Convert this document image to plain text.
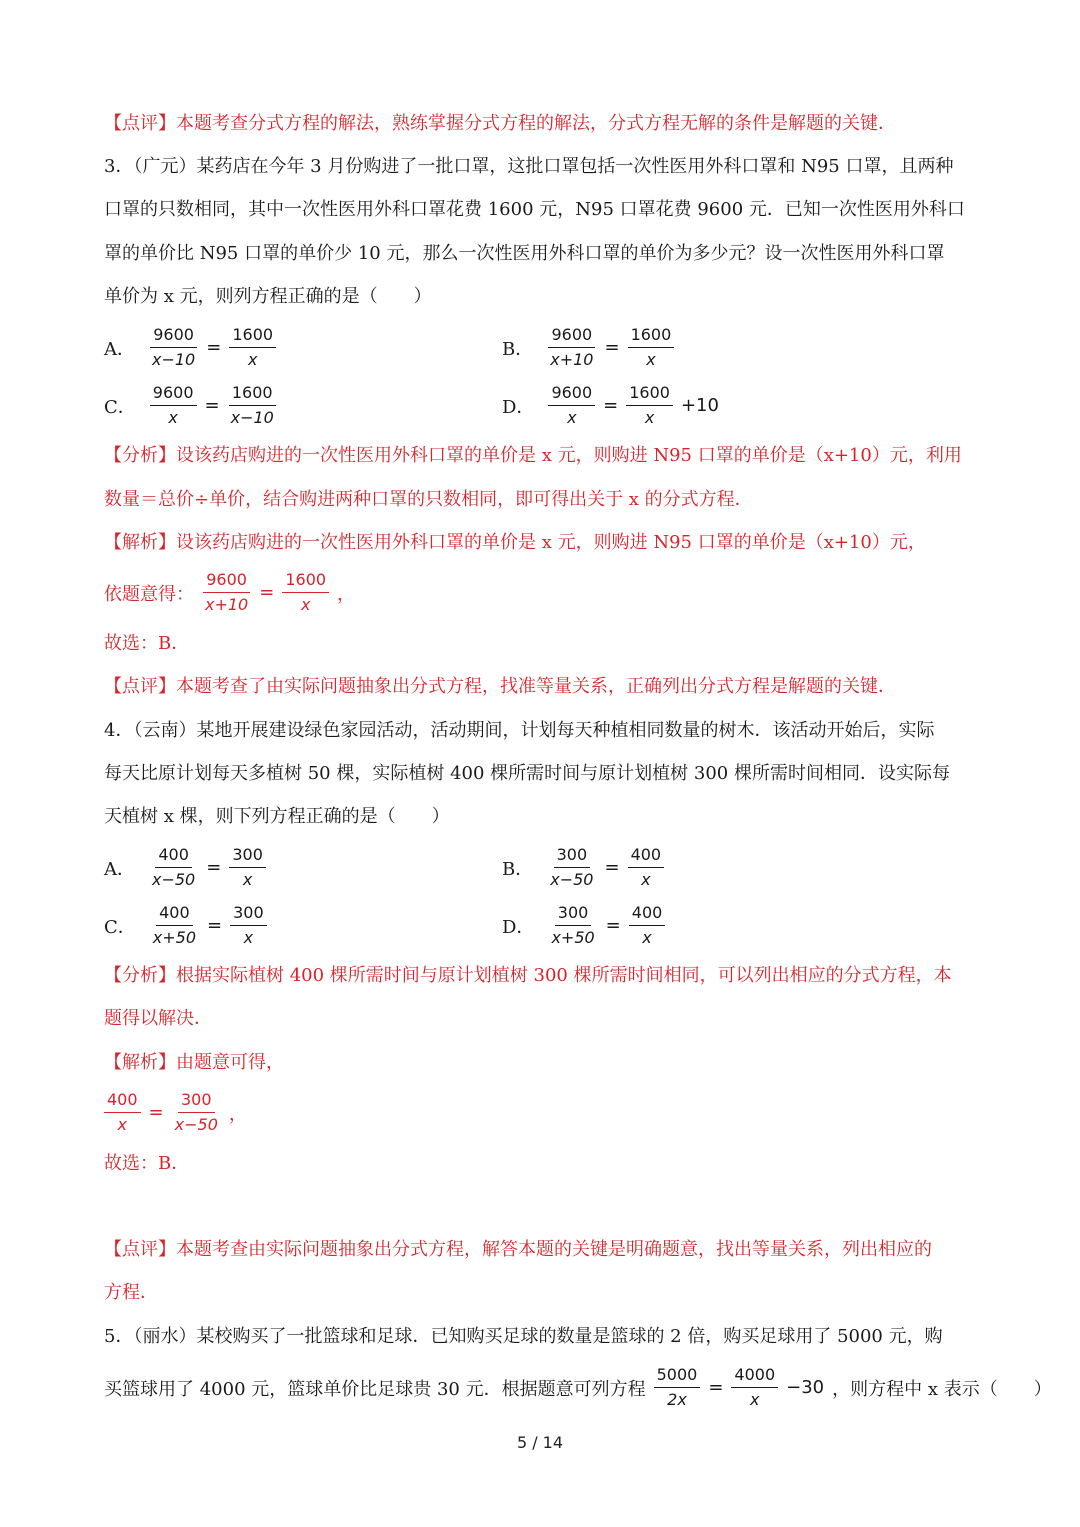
【点评】本题考查分式方程的解法，熟练掌握分式方程的解法，分式方程无解的条件是解题的关键．
3．（广元）某药店在今年 3 月份购进了一批口罩，这批口罩包括一次性医用外科口罩和 N95 口罩，且两种
口罩的只数相同，其中一次性医用外科口罩花费 1600 元，N95 口罩花费 9600 元．已知一次性医用外科口
罩的单价比 N95 口罩的单价少 10 元，那么一次性医用外科口罩的单价为多少元？设一次性医用外科口罩
单价为 x 元，则列方程正确的是（　　）
A． $\frac{9600}{x-10} = \frac{1600}{x}$	B． $\frac{9600}{x+10} = \frac{1600}{x}$
C． $\frac{9600}{x} = \frac{1600}{x-10}$	D． $\frac{9600}{x} = \frac{1600}{x} +10$
【分析】设该药店购进的一次性医用外科口罩的单价是 x 元，则购进 N95 口罩的单价是（x+10）元，利用
数量＝总价÷单价，结合购进两种口罩的只数相同，即可得出关于 x 的分式方程．
【解析】设该药店购进的一次性医用外科口罩的单价是 x 元，则购进 N95 口罩的单价是（x+10）元，
依题意得： $\frac{9600}{x+10} = \frac{1600}{x}$ ，
故选：B．
【点评】本题考查了由实际问题抽象出分式方程，找准等量关系，正确列出分式方程是解题的关键．
4．（云南）某地开展建设绿色家园活动，活动期间，计划每天种植相同数量的树木．该活动开始后，实际
每天比原计划每天多植树 50 棵，实际植树 400 棵所需时间与原计划植树 300 棵所需时间相同．设实际每
天植树 x 棵，则下列方程正确的是（　　）
A． $\frac{400}{x-50} = \frac{300}{x}$	B． $\frac{300}{x-50} = \frac{400}{x}$
C． $\frac{400}{x+50} = \frac{300}{x}$	D． $\frac{300}{x+50} = \frac{400}{x}$
【分析】根据实际植树 400 棵所需时间与原计划植树 300 棵所需时间相同，可以列出相应的分式方程，本
题得以解决．
【解析】由题意可得，
$\frac{400}{x} = \frac{300}{x-50}$ ，
故选：B．
【点评】本题考查由实际问题抽象出分式方程，解答本题的关键是明确题意，找出等量关系，列出相应的
方程．
5．（丽水）某校购买了一批篮球和足球．已知购买足球的数量是篮球的 2 倍，购买足球用了 5000 元，购
买篮球用了 4000 元，篮球单价比足球贵 30 元．根据题意可列方程 $\frac{5000}{2x} = \frac{4000}{x} -30$ ，则方程中 x 表示（　　）
5 / 14
